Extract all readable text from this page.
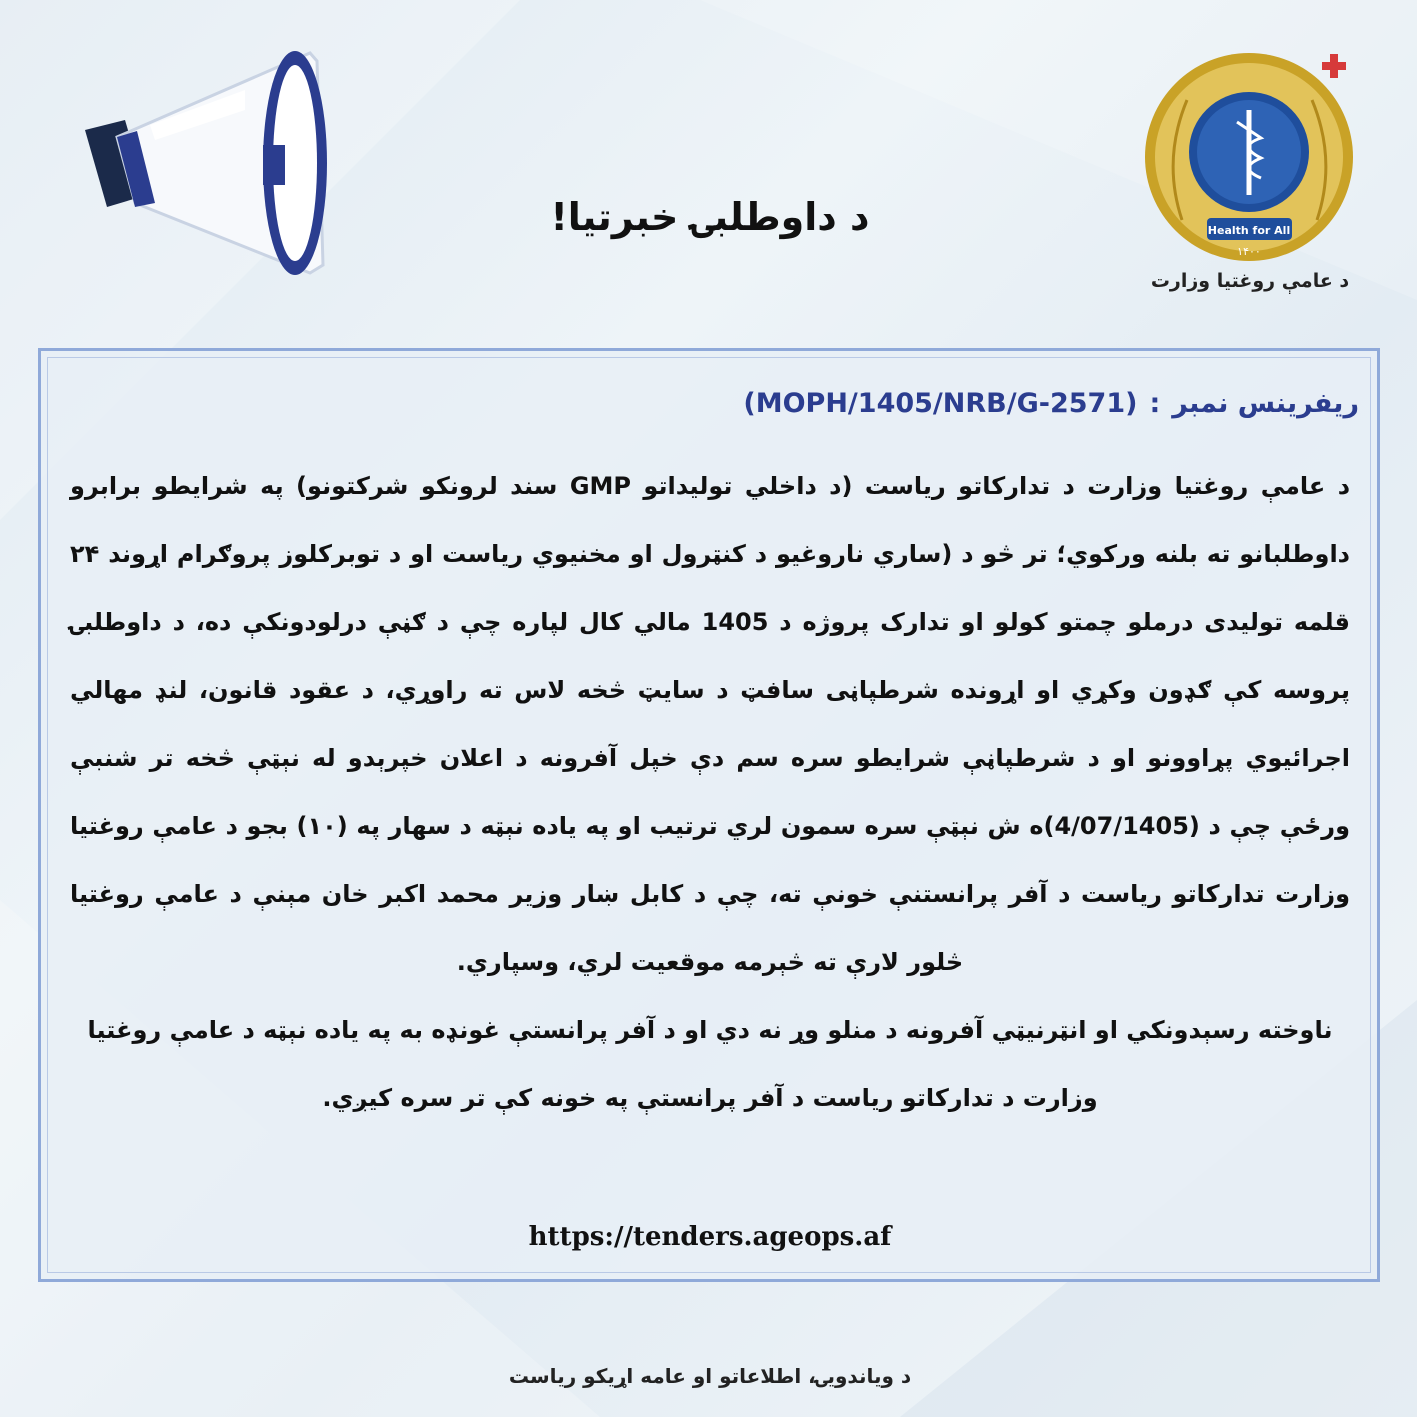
د داوطلبۍ خبرتیا!	Health for All
۱۴۰۰
د عامې روغتیا وزارت
ریفرینس نمبر:(MOPH/1405/NRB/G-2571)

د عامې روغتیا وزارت د تدارکاتو ریاست (د داخلي تولیداتو GMP سند لرونکو شرکتونو) په شرایطو برابرو داوطلبانو ته بلنه ورکوي؛ تر څو د (ساري ناروغیو د کنټرول او مخنیوي ریاست او د توبرکلوز پروګرام اړوند ۲۴ قلمه تولیدی درملو چمتو کولو او تدارک پروژه د 1405 مالي کال لپاره چې د ګڼې درلودونکې ده، د داوطلبۍ پروسه کې ګډون وکړي او اړونده شرطپاڼی سافټ د سایټ څخه لاس ته راوړي، د عقود قانون، لنډ مهالي اجرائیوي پړاوونو او د شرطپاڼې شرایطو سره سم دې خپل آفرونه د اعلان خپرېدو له نېټې څخه تر شنبې ورځې چې د (4/07/1405)ه ش نېټې سره سمون لري ترتیب او په یاده نېټه د سهار په (۱۰) بجو د عامې روغتیا وزارت تدارکاتو ریاست د آفر پرانستنې خونې ته، چې د کابل ښار وزیر محمد اکبر خان مېنې د عامې روغتیا څلور لارې ته څېرمه موقعیت لري، وسپاري.

ناوخته رسېدونکي او انټرنیټي آفرونه د منلو وړ نه دي او د آفر پرانستې غونډه به په یاده نېټه د عامې روغتیا وزارت د تدارکاتو ریاست د آفر پرانستې په خونه کې تر سره کیږي.

https://tenders.ageops.af
د ویاندویۍ، اطلاعاتو او عامه اړیکو ریاست
